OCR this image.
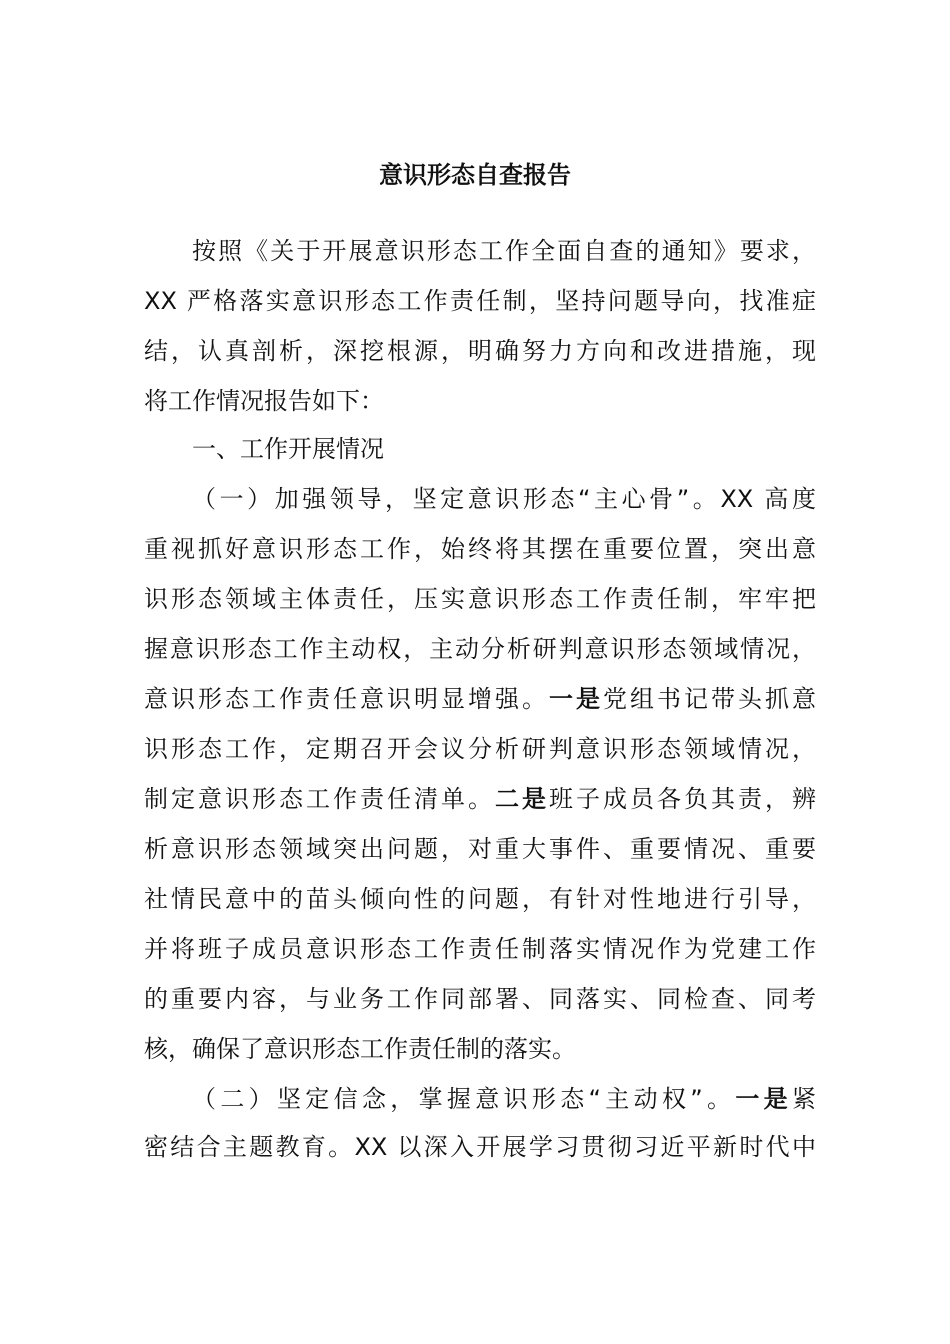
意识形态自查报告
按照《关于开展意识形态工作全面自查的通知》要求，
XX 严格落实意识形态工作责任制，坚持问题导向，找准症
结，认真剖析，深挖根源，明确努力方向和改进措施，现
将工作情况报告如下：
一、工作开展情况
（一）加强领导，坚定意识形态“主心骨”。XX 高度
重视抓好意识形态工作，始终将其摆在重要位置，突出意
识形态领域主体责任，压实意识形态工作责任制，牢牢把
握意识形态工作主动权，主动分析研判意识形态领域情况，
意识形态工作责任意识明显增强。一是党组书记带头抓意
识形态工作，定期召开会议分析研判意识形态领域情况，
制定意识形态工作责任清单。二是班子成员各负其责，辨
析意识形态领域突出问题，对重大事件、重要情况、重要
社情民意中的苗头倾向性的问题，有针对性地进行引导，
并将班子成员意识形态工作责任制落实情况作为党建工作
的重要内容，与业务工作同部署、同落实、同检查、同考
核，确保了意识形态工作责任制的落实。
（二）坚定信念，掌握意识形态“主动权”。一是紧
密结合主题教育。XX 以深入开展学习贯彻习近平新时代中
